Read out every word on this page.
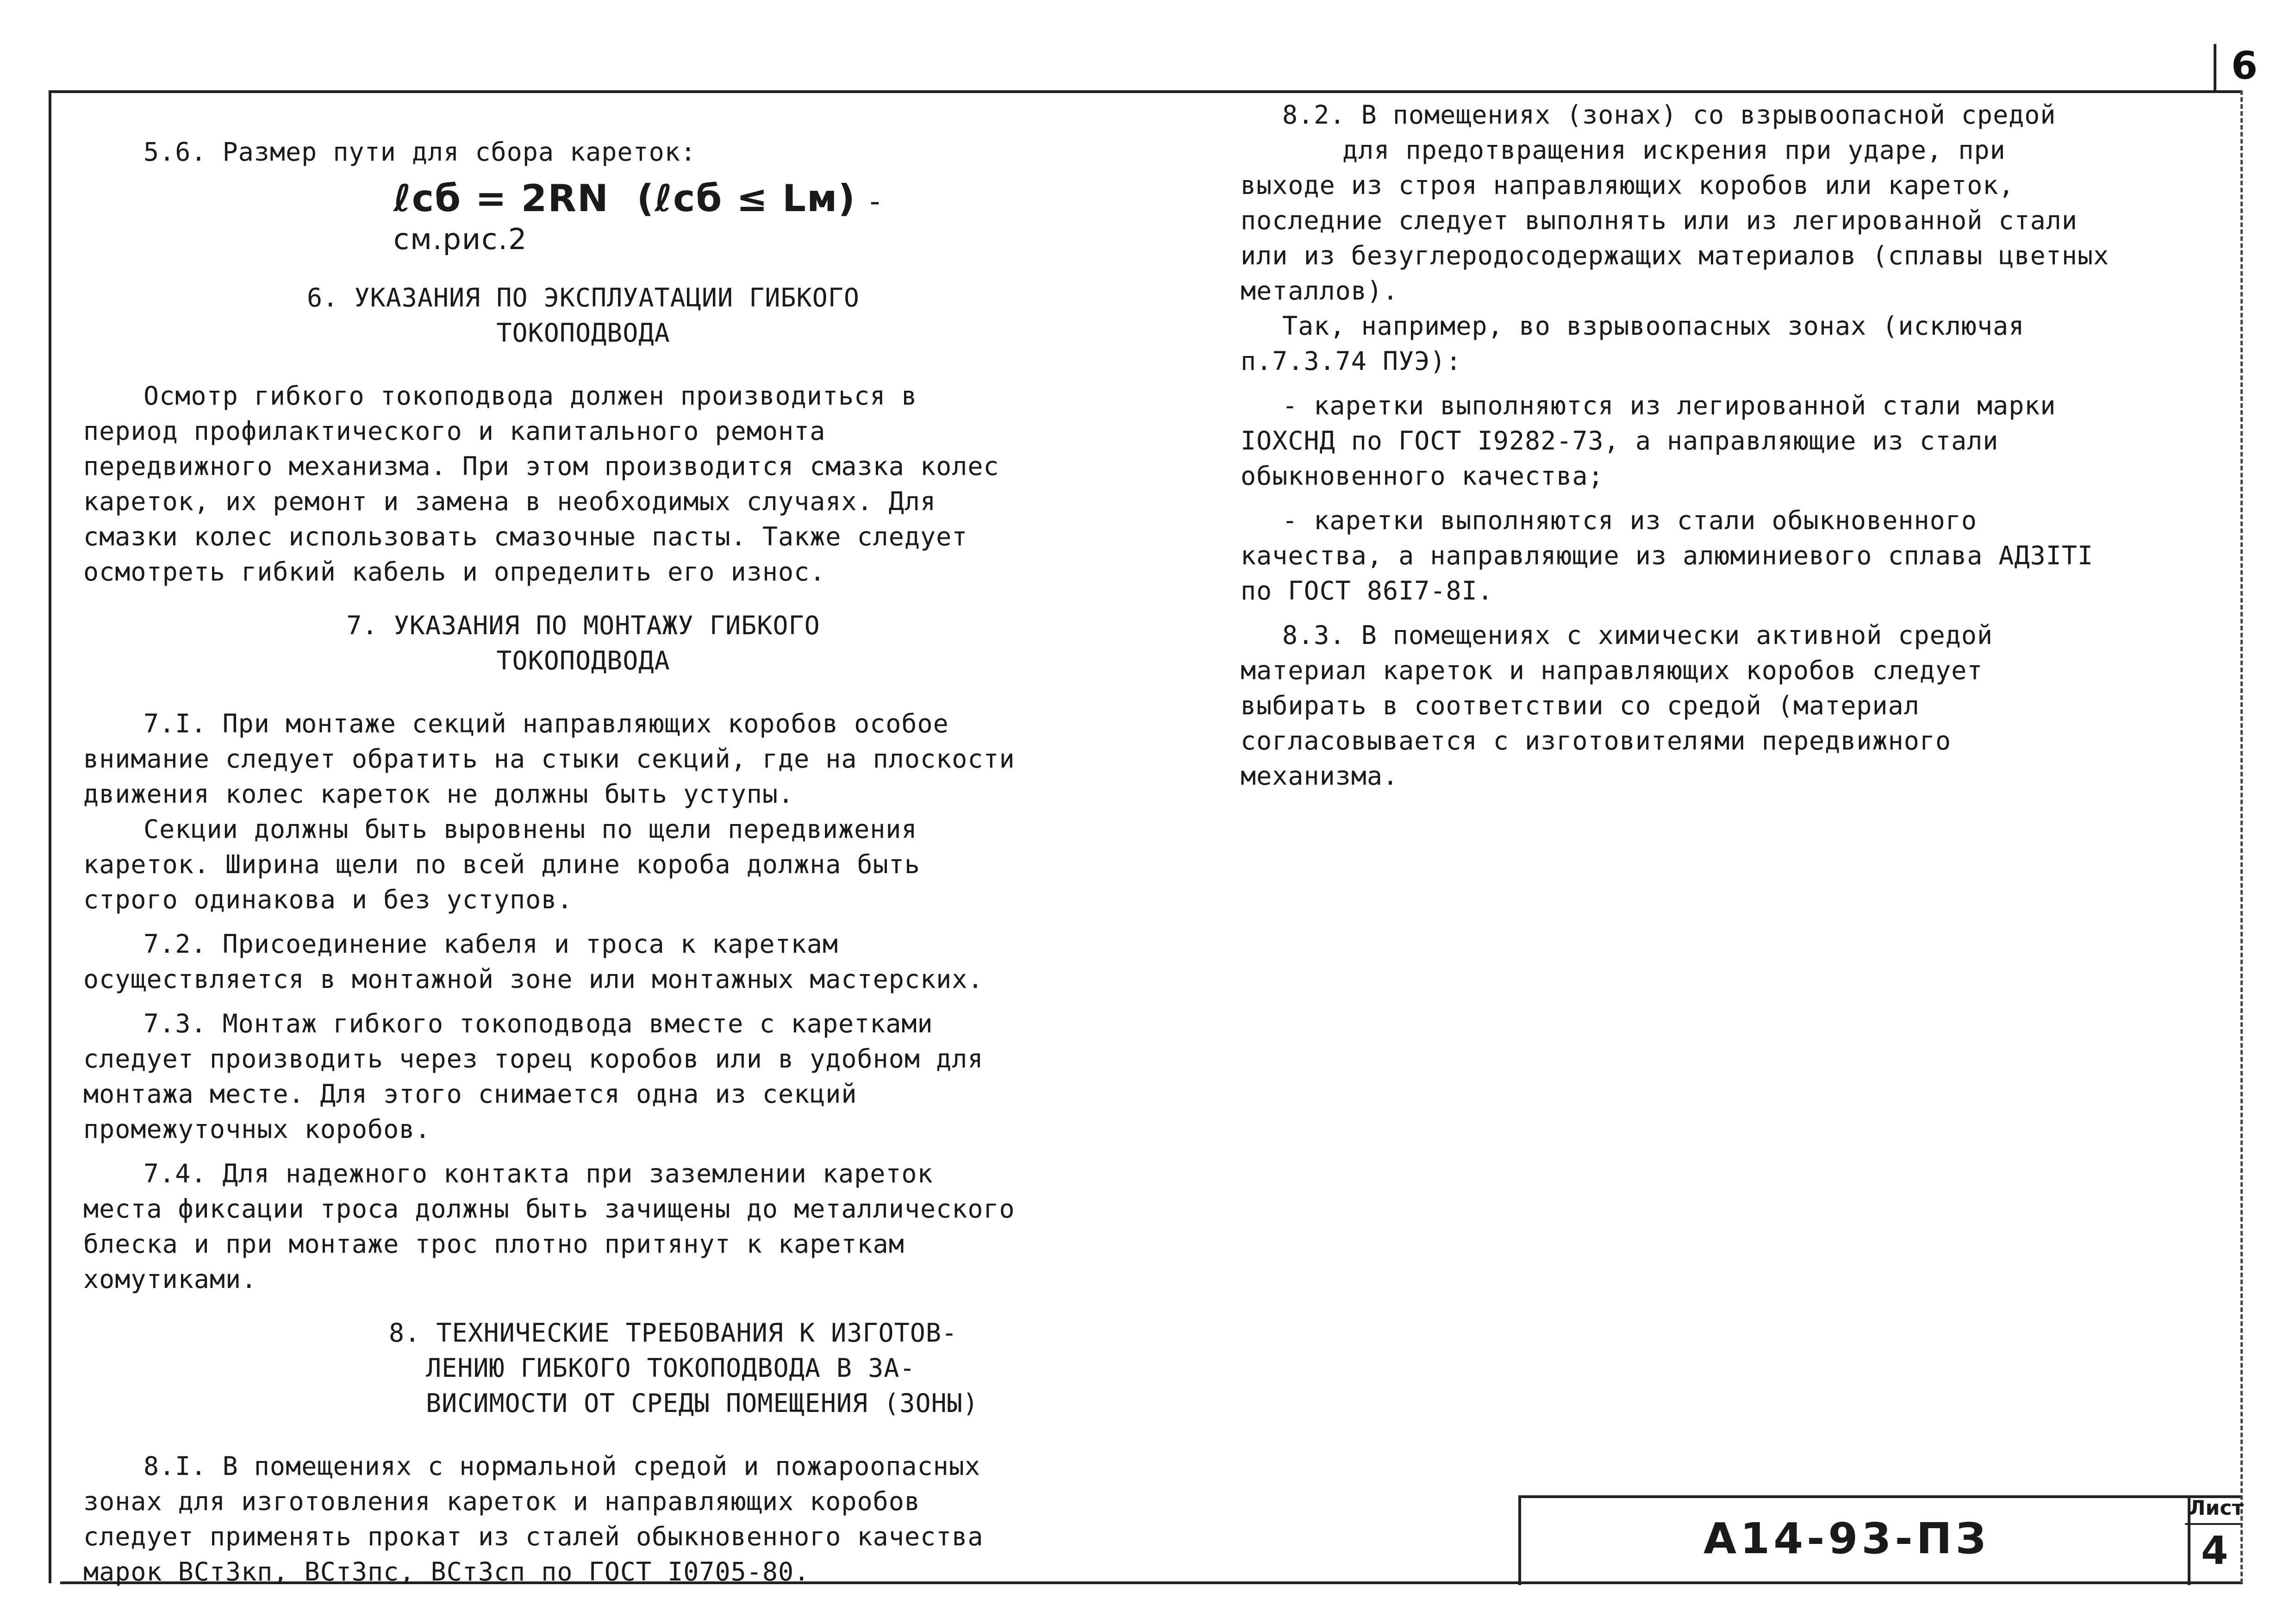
6

5.6. Размер пути для сбора кареток:

ℓсб = 2RN (ℓсб ≤ Lм) - см.рис.2
6. УКАЗАНИЯ ПО ЭКСПЛУАТАЦИИ ГИБКОГО
ТОКОПОДВОДА

Осмотр гибкого токоподвода должен производиться в период профилактического и капитального ремонта передвижного механизма. При этом производится смазка колес кареток, их ремонт и замена в необходимых случаях. Для смазки колес использовать смазочные пасты. Также следует осмотреть гибкий кабель и определить его износ.

7. УКАЗАНИЯ ПО МОНТАЖУ ГИБКОГО
ТОКОПОДВОДА

7.I. При монтаже секций направляющих коробов особое внимание следует обратить на стыки секций, где на плоскости движения колес кареток не должны быть уступы.

Секции должны быть выровнены по щели передвижения кареток. Ширина щели по всей длине короба должна быть строго одинакова и без уступов.

7.2. Присоединение кабеля и троса к кареткам осуществляется в монтажной зоне или монтажных мастерских.

7.3. Монтаж гибкого токоподвода вместе с каретками следует производить через торец коробов или в удобном для монтажа месте. Для этого снимается одна из секций промежуточных коробов.

7.4. Для надежного контакта при заземлении кареток места фиксации троса должны быть зачищены до металлического блеска и при монтаже трос плотно притянут к кареткам хомутиками.

8. ТЕХНИЧЕСКИЕ ТРЕБОВАНИЯ К ИЗГОТОВ-
ЛЕНИЮ ГИБКОГО ТОКОПОДВОДА В ЗА-
ВИСИМОСТИ ОТ СРЕДЫ ПОМЕЩЕНИЯ (ЗОНЫ)

8.I. В помещениях с нормальной средой и пожароопасных зонах для изготовления кареток и направляющих коробов следует применять прокат из сталей обыкновенного качества марок ВСт3кп, ВСт3пс, ВСт3сп по ГОСТ I0705-80.

8.2. В помещениях (зонах) со взрывоопасной средой

для предотвращения искрения при ударе, при выходе из строя направляющих коробов или кареток, последние следует выполнять или из легированной стали или из безуглеродосодержащих материалов (сплавы цветных металлов).

Так, например, во взрывоопасных зонах (исключая п.7.3.74 ПУЭ):

- каретки выполняются из легированной стали марки IОХСНД по ГОСТ I9282-73, а направляющие из стали обыкновенного качества;

- каретки выполняются из стали обыкновенного качества, а направляющие из алюминиевого сплава АД3IТI по ГОСТ 86I7-8I.

8.3. В помещениях с химически активной средой материал кареток и направляющих коробов следует выбирать в соответствии со средой (материал согласовывается с изготовителями передвижного механизма.

А14-93-ПЗ
Лист
4
